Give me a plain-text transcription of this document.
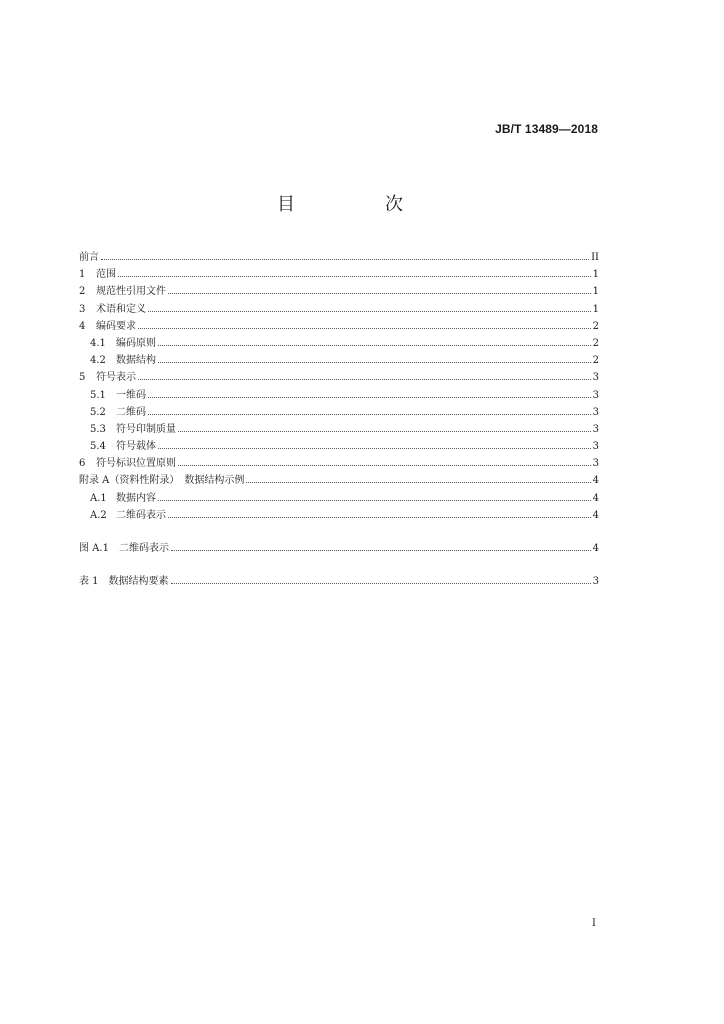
JB/T 13489—2018
目　次
前言	II
1	范围	1
2	规范性引用文件	1
3	术语和定义	1
4	编码要求	2
4.1	编码原则	2
4.2	数据结构	2
5	符号表示	3
5.1	一维码	3
5.2	二维码	3
5.3	符号印制质量	3
5.4	符号载体	3
6	符号标识位置原则	3
附录 A（资料性附录）　数据结构示例	4
A.1 数据内容	4
A.2 二维码表示	4
图 A.1　二维码表示	4
表 1　数据结构要素	3
I
